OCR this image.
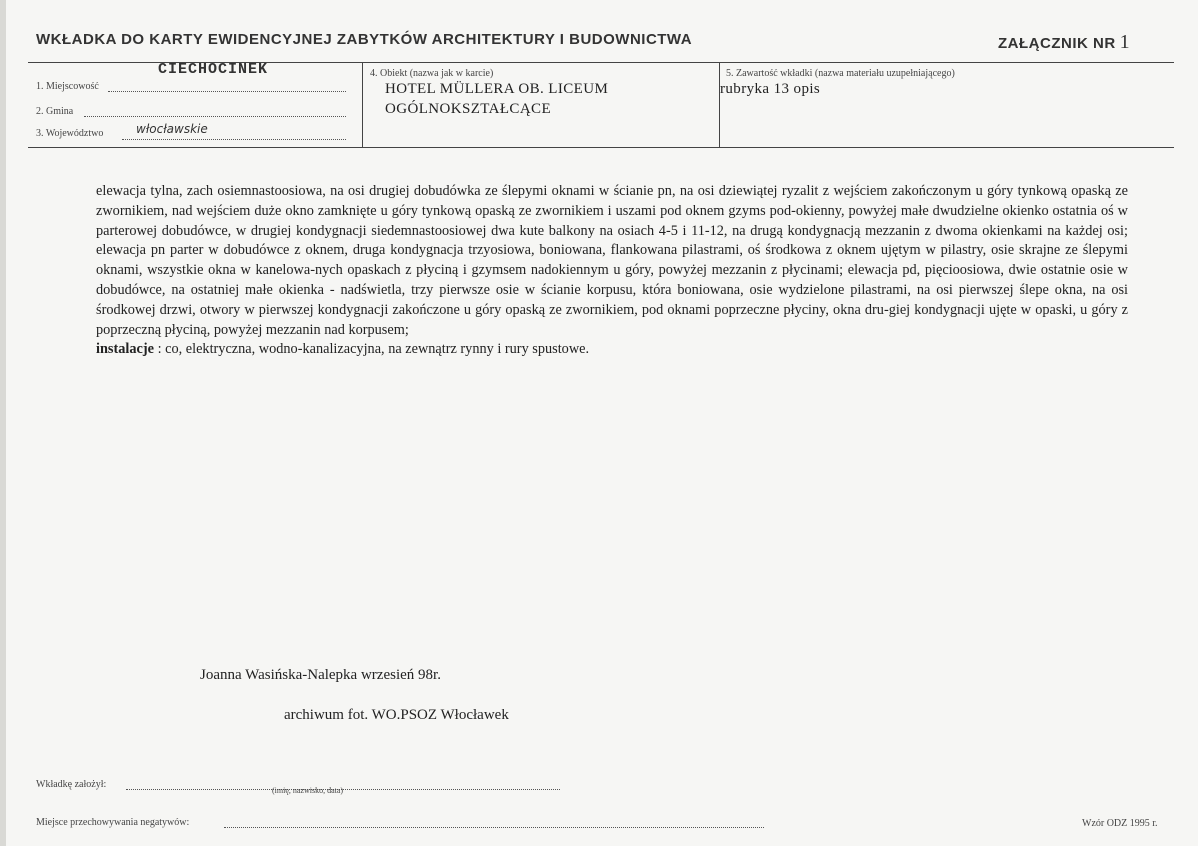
WKŁADKA DO KARTY EWIDENCYJNEJ ZABYTKÓW ARCHITEKTURY I BUDOWNICTWA	ZAŁĄCZNIK NR 1
CIECHOCINEK
1. Miejscowość
2. Gmina
3. Województwo	włocławskie
4. Obiekt (nazwa jak w karcie)
HOTEL MÜLLERA OB. LICEUM
OGÓLNOKSZTAŁCĄCE
5. Zawartość wkładki (nazwa materiału uzupełniającego)
rubryka 13 opis

elewacja tylna, zach osiemnastoosiowa, na osi drugiej dobudówka ze ślepymi oknami w ścianie pn, na osi dziewiątej ryzalit z wejściem zakończonym u góry tynkową opaską ze zwornikiem, nad wejściem duże okno zamknięte u góry tynkową opaską ze zwornikiem i uszami pod oknem gzyms pod-okienny, powyżej małe dwudzielne okienko ostatnia oś w parterowej dobudówce, w drugiej kondygnacji siedemnastoosiowej dwa kute balkony na osiach 4-5 i 11-12, na drugą kondygnacją mezzanin z dwoma okienkami na każdej osi; elewacja pn parter w dobudówce z oknem, druga kondygnacja trzyosiowa, boniowana, flankowana pilastrami, oś środkowa z oknem ujętym w pilastry, osie skrajne ze ślepymi oknami, wszystkie okna w kanelowa-nych opaskach z płyciną i gzymsem nadokiennym u góry, powyżej mezzanin z płycinami; elewacja pd, pięcioosiowa, dwie ostatnie osie w dobudówce, na ostatniej małe okienka - nadświetla, trzy pierwsze osie w ścianie korpusu, która boniowana, osie wydzielone pilastrami, na osi pierwszej ślepe okna, na osi środkowej drzwi, otwory w pierwszej kondygnacji zakończone u góry opaską ze zwornikiem, pod oknami poprzeczne płyciny, okna dru-giej kondygnacji ujęte w opaski, u góry z poprzeczną płyciną, powyżej mezzanin nad korpusem;

instalacje : co, elektryczna, wodno-kanalizacyjna, na zewnątrz rynny i rury spustowe.

Joanna Wasińska-Nalepka wrzesień 98r.
archiwum fot. WO.PSOZ Włocławek
Wkładkę założył:
(imię, nazwisko, data)
Miejsce przechowywania negatywów:	Wzór ODZ 1995 r.
